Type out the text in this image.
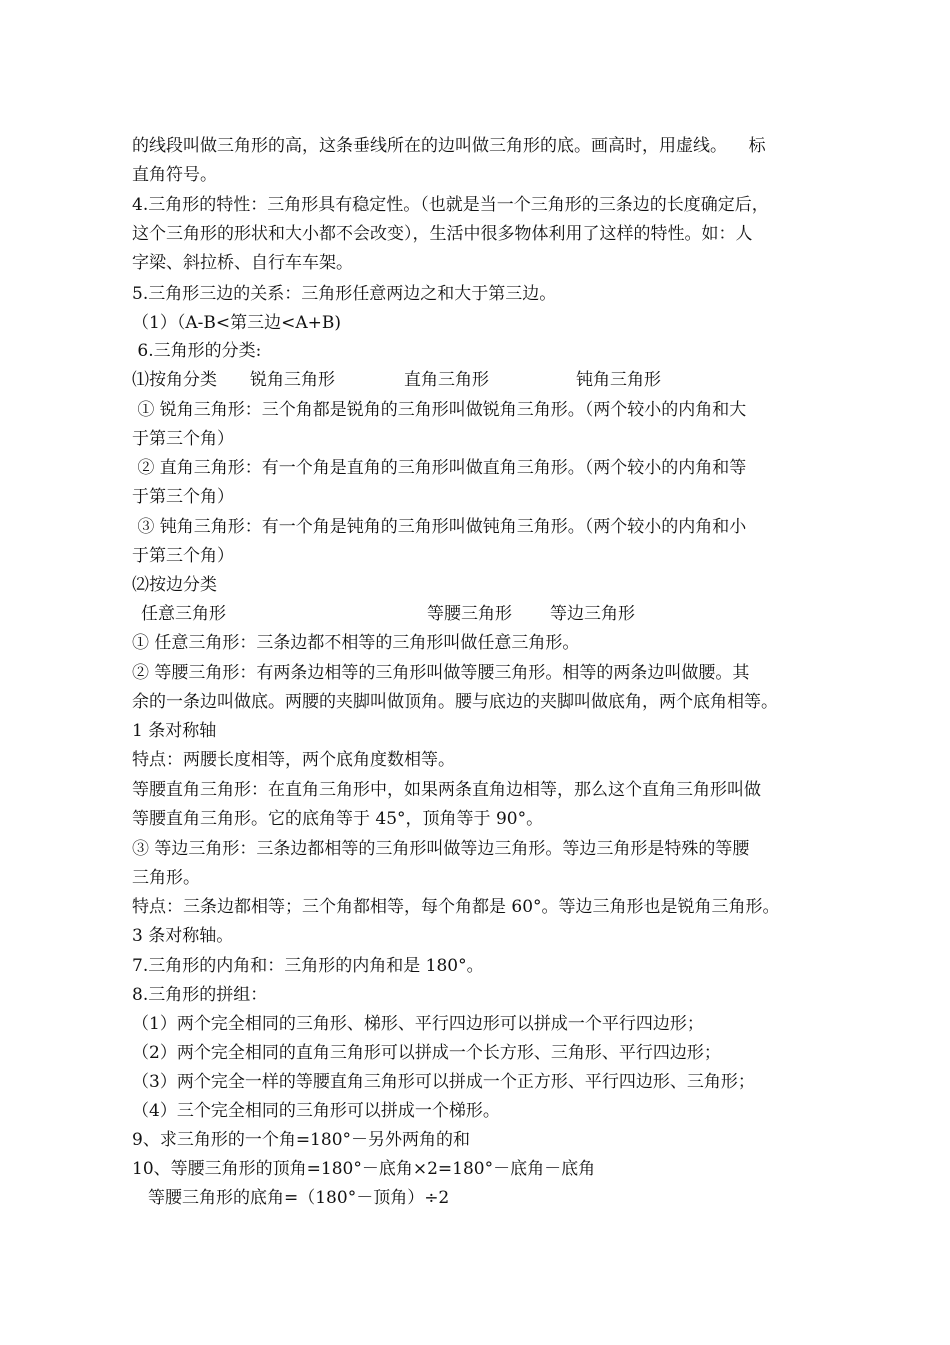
的线段叫做三角形的高，这条垂线所在的边叫做三角形的底。画高时，用虚线。    标
直角符号。
4.三角形的特性：三角形具有稳定性。（也就是当一个三角形的三条边的长度确定后，
这个三角形的形状和大小都不会改变），生活中很多物体利用了这样的特性。如：人
字梁、斜拉桥、自行车车架。
5.三角形三边的关系：三角形任意两边之和大于第三边。
（1）（A-B<第三边<A+B)
6.三角形的分类:
⑴按角分类 锐角三角形	直角三角形	钝角三角形
① 锐角三角形：三个角都是锐角的三角形叫做锐角三角形。（两个较小的内角和大
于第三个角）
② 直角三角形：有一个角是直角的三角形叫做直角三角形。（两个较小的内角和等
于第三个角）
③ 钝角三角形：有一个角是钝角的三角形叫做钝角三角形。（两个较小的内角和小
于第三个角）
⑵按边分类
任意三角形	等腰三角形 等边三角形
① 任意三角形：三条边都不相等的三角形叫做任意三角形。
② 等腰三角形：有两条边相等的三角形叫做等腰三角形。相等的两条边叫做腰。其
余的一条边叫做底。两腰的夹脚叫做顶角。腰与底边的夹脚叫做底角，两个底角相等。
1 条对称轴
特点：两腰长度相等，两个底角度数相等。
等腰直角三角形：在直角三角形中，如果两条直角边相等，那么这个直角三角形叫做
等腰直角三角形。它的底角等于 45°，顶角等于 90°。
③ 等边三角形：三条边都相等的三角形叫做等边三角形。等边三角形是特殊的等腰
三角形。
特点：三条边都相等；三个角都相等，每个角都是 60°。等边三角形也是锐角三角形。
3 条对称轴。
7.三角形的内角和：三角形的内角和是 180°。
8.三角形的拼组：
（1）两个完全相同的三角形、梯形、平行四边形可以拼成一个平行四边形；
（2）两个完全相同的直角三角形可以拼成一个长方形、三角形、平行四边形；
（3）两个完全一样的等腰直角三角形可以拼成一个正方形、平行四边形、三角形；
（4）三个完全相同的三角形可以拼成一个梯形。
9、求三角形的一个角=180°－另外两角的和
10、等腰三角形的顶角=180°－底角×2=180°－底角－底角
等腰三角形的底角=（180°－顶角）÷2
